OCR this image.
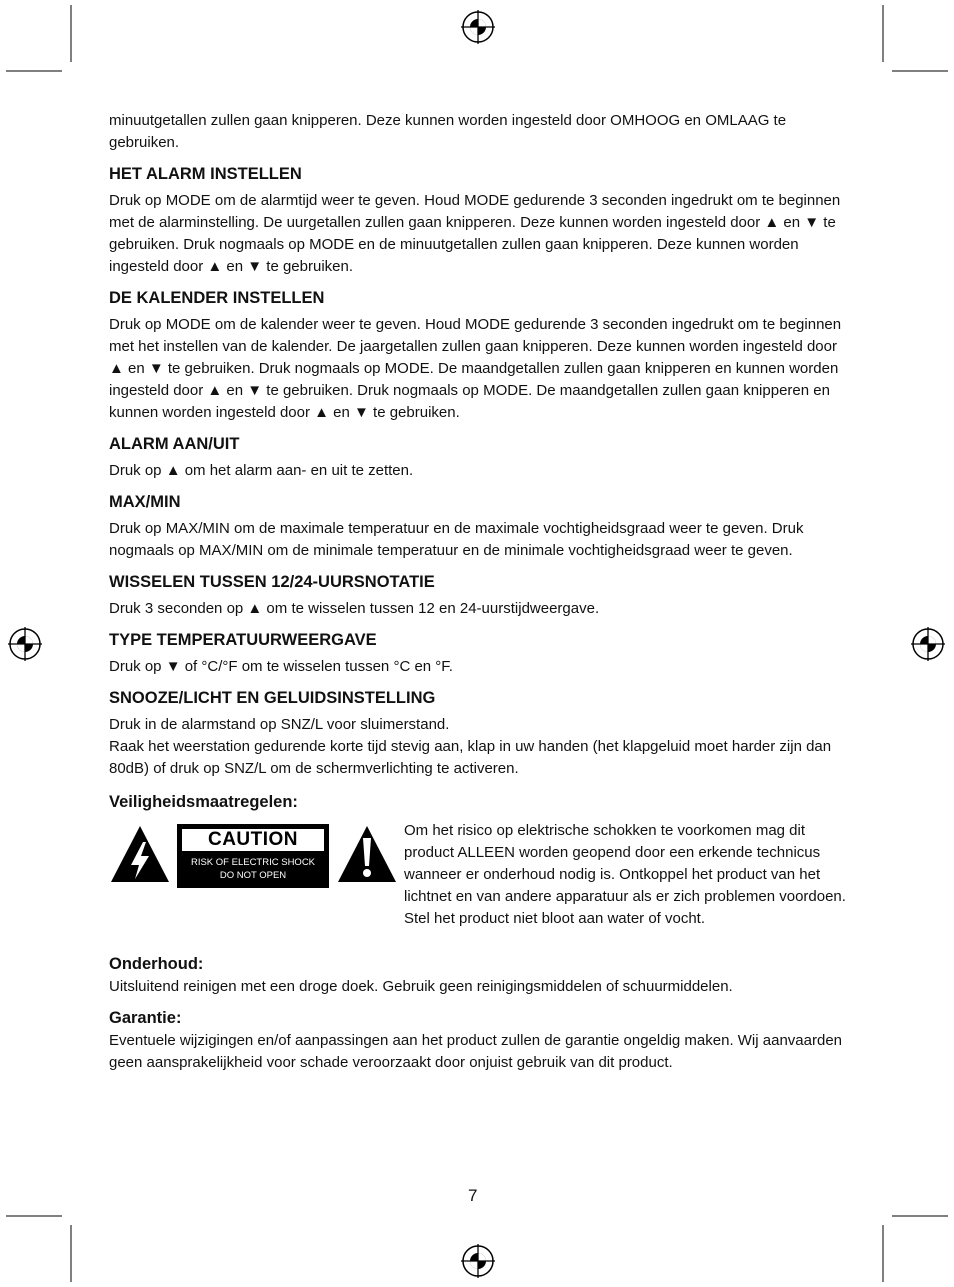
minuutgetallen zullen gaan knipperen. Deze kunnen worden ingesteld door OMHOOG en OMLAAG te gebruiken.

HET ALARM INSTELLEN

Druk op MODE om de alarmtijd weer te geven. Houd MODE gedurende 3 seconden ingedrukt om te beginnen met de alarminstelling. De uurgetallen zullen gaan knipperen. Deze kunnen worden ingesteld door ▲ en ▼ te gebruiken. Druk nogmaals op MODE en de minuutgetallen zullen gaan knipperen. Deze kunnen worden ingesteld door ▲ en ▼ te gebruiken.

DE KALENDER INSTELLEN

Druk op MODE om de kalender weer te geven. Houd MODE gedurende 3 seconden ingedrukt om te beginnen met het instellen van de kalender. De jaargetallen zullen gaan knipperen. Deze kunnen worden ingesteld door ▲ en ▼ te gebruiken. Druk nogmaals op MODE. De maandgetallen zullen gaan knipperen en kunnen worden ingesteld door ▲ en ▼ te gebruiken. Druk nogmaals op MODE. De maandgetallen zullen gaan knipperen en kunnen worden ingesteld door ▲ en ▼ te gebruiken.

ALARM AAN/UIT

Druk op ▲ om het alarm aan- en uit te zetten.

MAX/MIN

Druk op MAX/MIN om de maximale temperatuur en de maximale vochtigheidsgraad weer te geven. Druk nogmaals op MAX/MIN om de minimale temperatuur en de minimale vochtigheidsgraad weer te geven.

WISSELEN TUSSEN 12/24-UURSNOTATIE

Druk 3 seconden op ▲ om te wisselen tussen 12 en 24-uurstijdweergave.

TYPE TEMPERATUURWEERGAVE

Druk op ▼ of °C/°F om te wisselen tussen °C en °F.

SNOOZE/LICHT EN GELUIDSINSTELLING

Druk in de alarmstand op SNZ/L voor sluimerstand.

Raak het weerstation gedurende korte tijd stevig aan, klap in uw handen (het klapgeluid moet harder zijn dan 80dB) of druk op SNZ/L om de schermverlichting te activeren.

Veiligheidsmaatregelen:
CAUTION
RISK OF ELECTRIC SHOCK
DO NOT OPEN

Om het risico op elektrische schokken te voorkomen mag dit product ALLEEN worden geopend door een erkende technicus wanneer er onderhoud nodig is. Ontkoppel het product van het lichtnet en van andere apparatuur als er zich problemen voordoen. Stel het product niet bloot aan water of vocht.

Onderhoud:

Uitsluitend reinigen met een droge doek. Gebruik geen reinigingsmiddelen of schuurmiddelen.

Garantie:

Eventuele wijzigingen en/of aanpassingen aan het product zullen de garantie ongeldig maken. Wij aanvaarden geen aansprakelijkheid voor schade veroorzaakt door onjuist gebruik van dit product.

7
